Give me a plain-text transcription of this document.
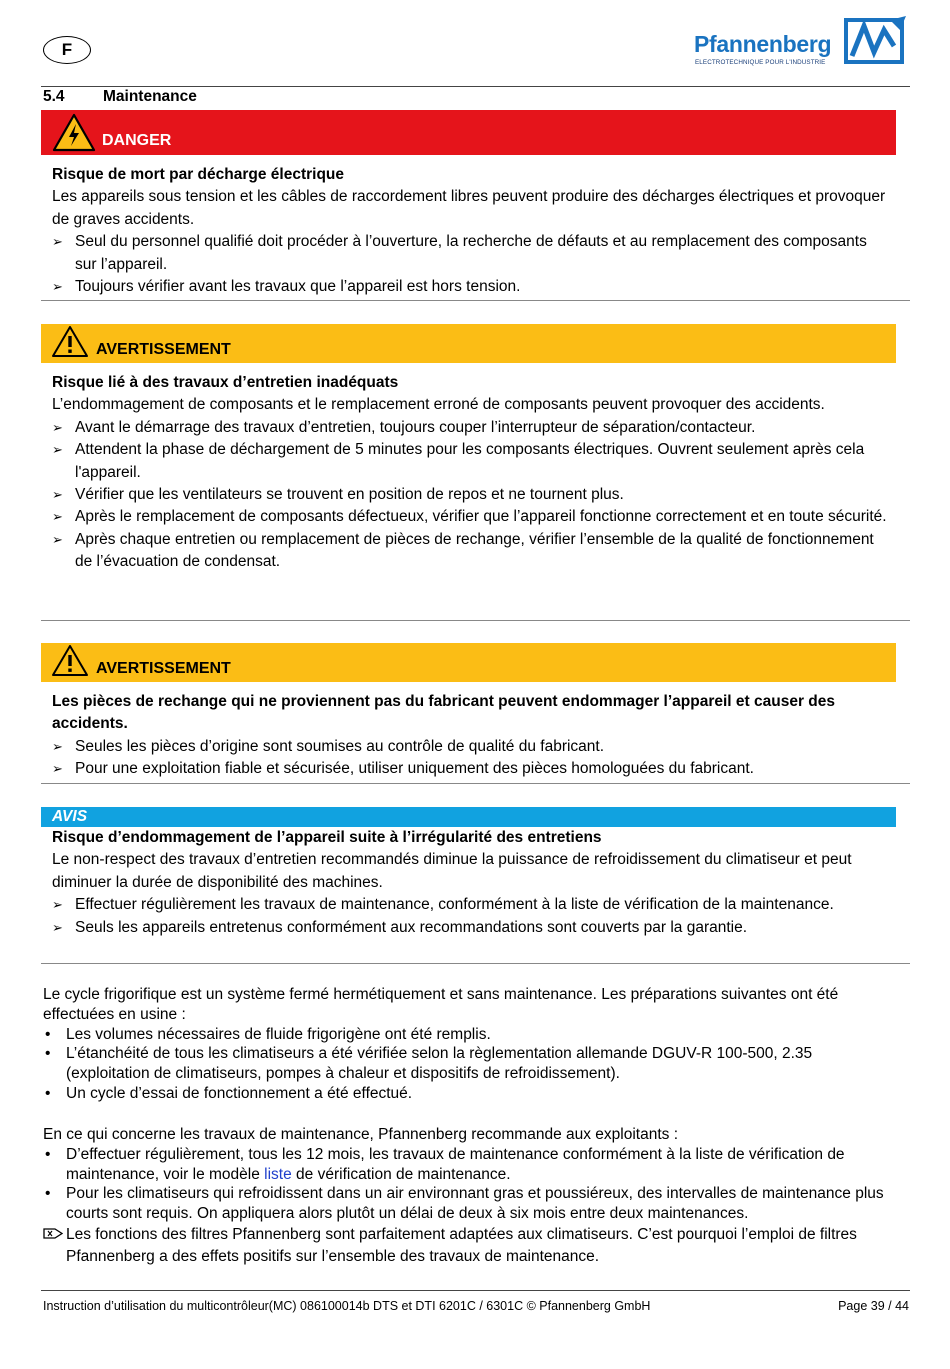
F	Pfannenberg
ELECTROTECHNIQUE POUR L'INDUSTRIE
5.4 Maintenance
DANGER
Risque de mort par décharge électrique
Les appareils sous tension et les câbles de raccordement libres peuvent produire des décharges électriques et provoquer de graves accidents.
➢ Seul du personnel qualifié doit procéder à l’ouverture, la recherche de défauts et au remplacement des composants sur l’appareil.
➢ Toujours vérifier avant les travaux que l’appareil est hors tension.
AVERTISSEMENT
Risque lié à des travaux d’entretien inadéquats
L’endommagement de composants et le remplacement erroné de composants peuvent provoquer des accidents.
➢ Avant le démarrage des travaux d’entretien, toujours couper l’interrupteur de séparation/contacteur.
➢ Attendent la phase de déchargement de 5 minutes pour les composants électriques. Ouvrent seulement après cela l'appareil.
➢ Vérifier que les ventilateurs se trouvent en position de repos et ne tournent plus.
➢ Après le remplacement de composants défectueux, vérifier que l’appareil fonctionne correctement et en toute sécurité.
➢ Après chaque entretien ou remplacement de pièces de rechange, vérifier l’ensemble de la qualité de fonctionnement de l’évacuation de condensat.
AVERTISSEMENT
Les pièces de rechange qui ne proviennent pas du fabricant peuvent endommager l’appareil et causer des accidents.
➢ Seules les pièces d’origine sont soumises au contrôle de qualité du fabricant.
➢ Pour une exploitation fiable et sécurisée, utiliser uniquement des pièces homologuées du fabricant.
AVIS
Risque d’endommagement de l’appareil suite à l’irrégularité des entretiens
Le non-respect des travaux d’entretien recommandés diminue la puissance de refroidissement du climatiseur et peut diminuer la durée de disponibilité des machines.
➢ Effectuer régulièrement les travaux de maintenance, conformément à la liste de vérification de la maintenance.
➢ Seuls les appareils entretenus conformément aux recommandations sont couverts par la garantie.
Le cycle frigorifique est un système fermé hermétiquement et sans maintenance. Les préparations suivantes ont été effectuées en usine :
• Les volumes nécessaires de fluide frigorigène ont été remplis.
• L’étanchéité de tous les climatiseurs a été vérifiée selon la règlementation allemande DGUV-R 100-500, 2.35 (exploitation de climatiseurs, pompes à chaleur et dispositifs de refroidissement).
• Un cycle d’essai de fonctionnement a été effectué.
En ce qui concerne les travaux de maintenance, Pfannenberg recommande aux exploitants :
• D’effectuer régulièrement, tous les 12 mois, les travaux de maintenance conformément à la liste de vérification de maintenance, voir le modèle liste de vérification de maintenance.
• Pour les climatiseurs qui refroidissent dans un air environnant gras et poussiéreux, des intervalles de maintenance plus courts sont requis. On appliquera alors plutôt un délai de deux à six mois entre deux maintenances.
Les fonctions des filtres Pfannenberg sont parfaitement adaptées aux climatiseurs. C’est pourquoi l’emploi de filtres Pfannenberg a des effets positifs sur l’ensemble des travaux de maintenance.
Instruction d’utilisation du multicontrôleur(MC) 086100014b DTS et DTI 6201C / 6301C © Pfannenberg GmbH	Page 39 / 44
